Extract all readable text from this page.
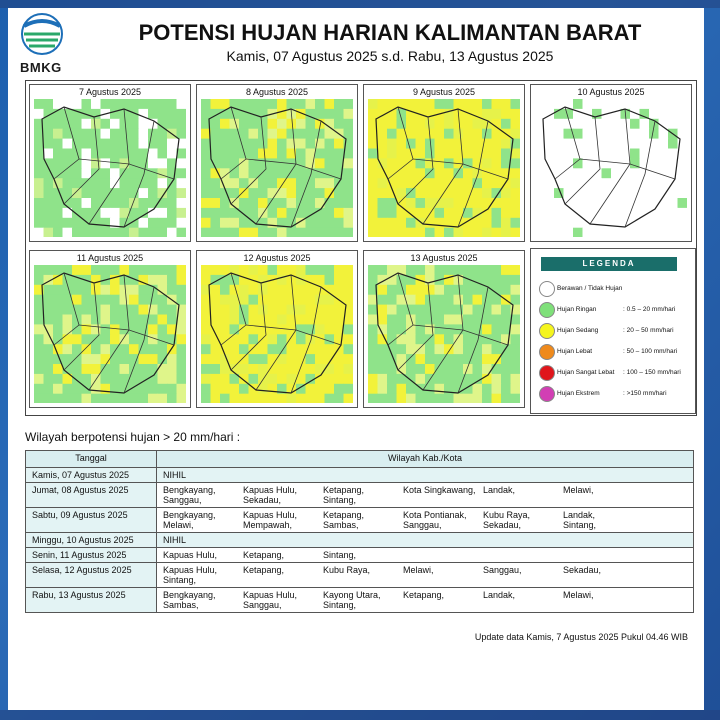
BMKG
POTENSI HUJAN HARIAN KALIMANTAN BARAT
Kamis, 07 Agustus 2025 s.d. Rabu, 13 Agustus 2025
7 Agustus 2025	8 Agustus 2025	9 Agustus 2025	10 Agustus 2025
11 Agustus 2025	12 Agustus 2025	13 Agustus 2025
LEGENDA
Berawan / Tidak Hujan
Hujan Ringan	: 0.5 – 20 mm/hari
Hujan Sedang	: 20 – 50 mm/hari
Hujan Lebat	: 50 – 100 mm/hari
Hujan Sangat Lebat : 100 – 150 mm/hari
Hujan Ekstrem	: >150 mm/hari
Wilayah berpotensi hujan > 20 mm/hari :
Tanggal	Wilayah Kab./Kota
Kamis, 07 Agustus 2025	NIHIL
Jumat, 08 Agustus 2025	Bengkayang, Kapuas Hulu, Ketapang, Kota Singkawang, Landak, Melawi,Sanggau, Sekadau, Sintang,
Sabtu, 09 Agustus 2025	Bengkayang, Kapuas Hulu, Ketapang, Kota Pontianak, Kubu Raya, Landak,Melawi, Mempawah, Sambas, Sanggau, Sekadau, Sintang,
Minggu, 10 Agustus 2025	NIHIL
Senin, 11 Agustus 2025	Kapuas Hulu, Ketapang, Sintang,
Selasa, 12 Agustus 2025	Kapuas Hulu, Ketapang, Kubu Raya, Melawi, Sanggau, Sekadau,Sintang,
Rabu, 13 Agustus 2025	Bengkayang, Kapuas Hulu, Kayong Utara, Ketapang, Landak, Melawi,Sambas, Sanggau, Sintang,
Update data Kamis, 7 Agustus 2025 Pukul 04.46 WIB
